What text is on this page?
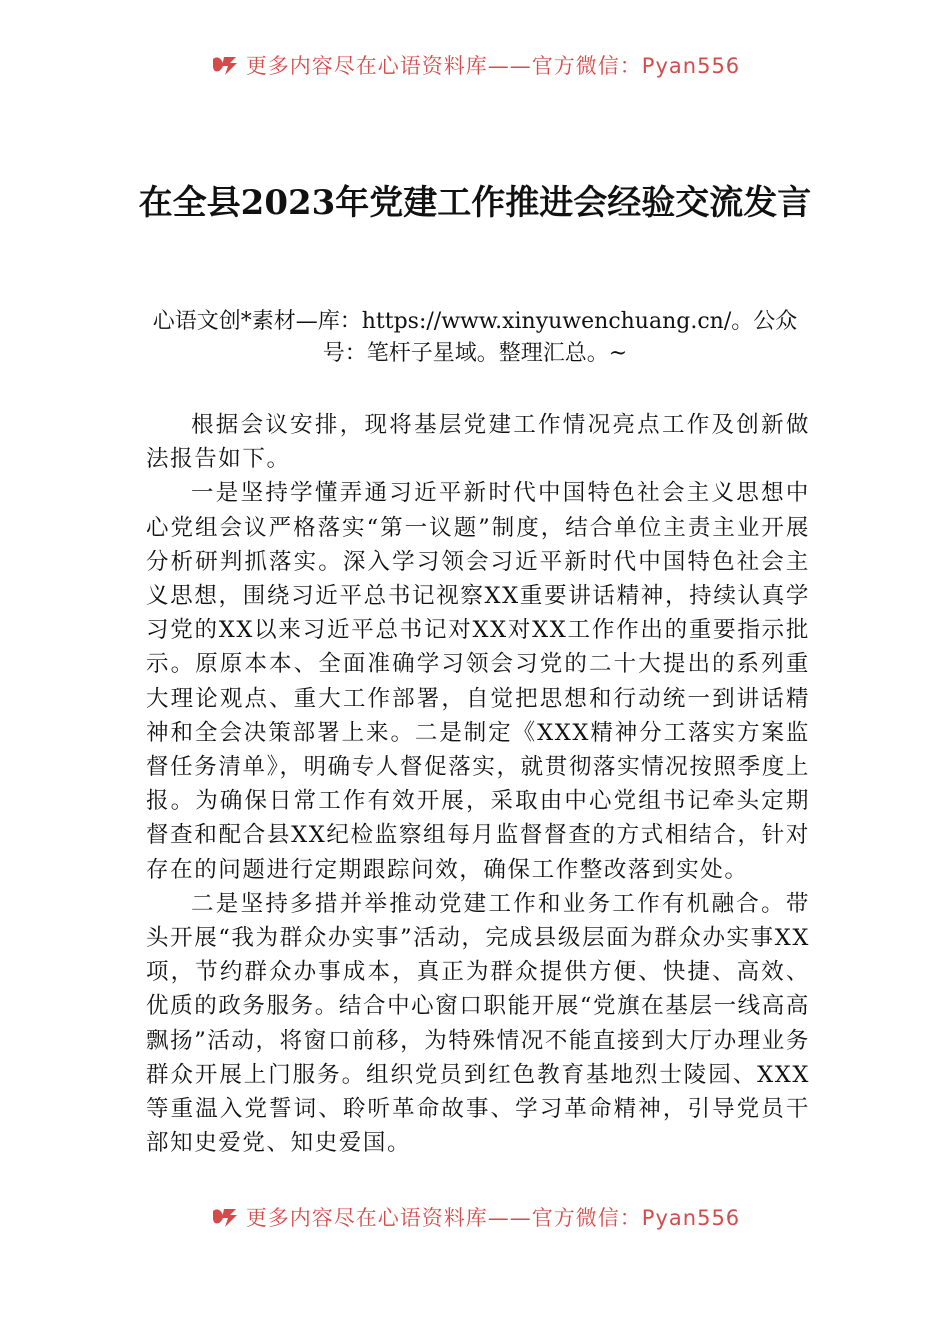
更多内容尽在心语资料库——官方微信：Pyan556
在全县2023年党建工作推进会经验交流发言
心语文创*素材—库：https://www.xinyuwenchuang.cn/。公众号：笔杆子星域。整理汇总。~

根据会议安排，现将基层党建工作情况亮点工作及创新做法报告如下。

一是坚持学懂弄通习近平新时代中国特色社会主义思想中心党组会议严格落实“第一议题”制度，结合单位主责主业开展分析研判抓落实。深入学习领会习近平新时代中国特色社会主义思想，围绕习近平总书记视察XX重要讲话精神，持续认真学习党的XX以来习近平总书记对XX对XX工作作出的重要指示批示。原原本本、全面准确学习领会习党的二十大提出的系列重大理论观点、重大工作部署，自觉把思想和行动统一到讲话精神和全会决策部署上来。二是制定《XXX精神分工落实方案监督任务清单》，明确专人督促落实，就贯彻落实情况按照季度上报。为确保日常工作有效开展，采取由中心党组书记牵头定期督查和配合县XX纪检监察组每月监督督查的方式相结合，针对存在的问题进行定期跟踪问效，确保工作整改落到实处。

二是坚持多措并举推动党建工作和业务工作有机融合。带头开展“我为群众办实事”活动，完成县级层面为群众办实事XX项，节约群众办事成本，真正为群众提供方便、快捷、高效、优质的政务服务。结合中心窗口职能开展“党旗在基层一线高高飘扬”活动，将窗口前移，为特殊情况不能直接到大厅办理业务群众开展上门服务。组织党员到红色教育基地烈士陵园、XXX等重温入党誓词、聆听革命故事、学习革命精神，引导党员干部知史爱党、知史爱国。

更多内容尽在心语资料库——官方微信：Pyan556
